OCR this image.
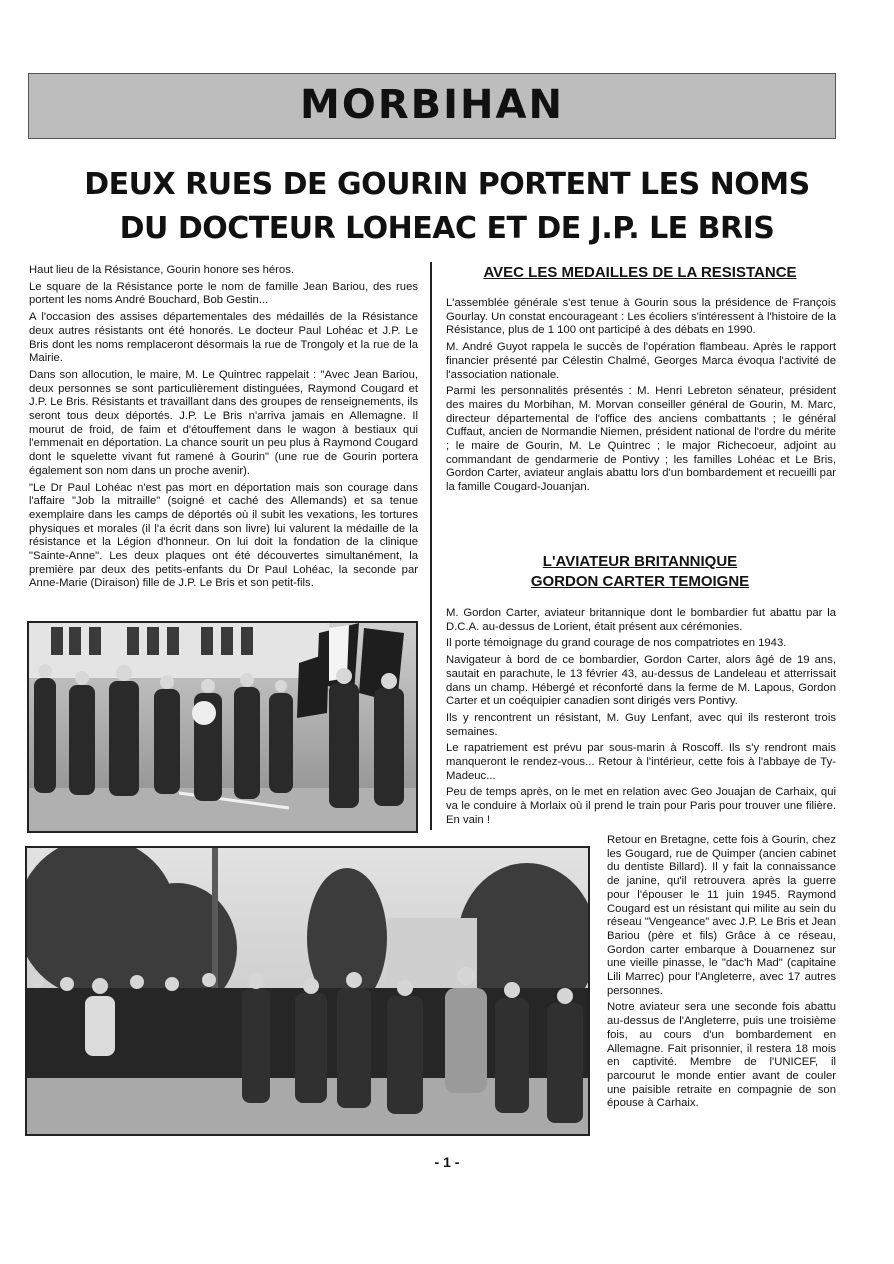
MORBIHAN
DEUX RUES DE GOURIN PORTENT LES NOMS
DU DOCTEUR LOHEAC ET DE J.P. LE BRIS

Haut lieu de la Résistance, Gourin honore ses héros.

Le square de la Résistance porte le nom de famille Jean Bariou, des rues portent les noms André Bouchard, Bob Gestin...

A l'occasion des assises départementales des médaillés de la Résistance deux autres résistants ont été honorés. Le docteur Paul Lohéac et J.P. Le Bris dont les noms remplaceront désormais la rue de Trongoly et la rue de la Mairie.

Dans son allocution, le maire, M. Le Quintrec rappelait : "Avec Jean Bariou, deux personnes se sont particulièrement distinguées, Raymond Cougard et J.P. Le Bris. Résistants et travaillant dans des groupes de renseignements, ils seront tous deux déportés. J.P. Le Bris n'arriva jamais en Allemagne. Il mourut de froid, de faim et d'étouffement dans le wagon à bestiaux qui l'emmenait en déportation. La chance sourit un peu plus à Raymond Cougard dont le squelette vivant fut ramené à Gourin" (une rue de Gourin portera également son nom dans un proche avenir).

"Le Dr Paul Lohéac n'est pas mort en déportation mais son courage dans l'affaire "Job la mitraille" (soigné et caché des Allemands) et sa tenue exemplaire dans les camps de déportés où il subit les vexations, les tortures physiques et morales (il l'a écrit dans son livre) lui valurent la médaille de la résistance et la Légion d'honneur. On lui doit la fondation de la clinique "Sainte-Anne". Les deux plaques ont été découvertes simultanément, la première par deux des petits-enfants du Dr Paul Lohéac, la seconde par Anne-Marie (Diraison) fille de J.P. Le Bris et son petit-fils.

AVEC LES MEDAILLES DE LA RESISTANCE

L'assemblée générale s'est tenue à Gourin sous la présidence de François Gourlay. Un constat encourageant : Les écoliers s'intéressent à l'histoire de la Résistance, plus de 1 100 ont participé à des débats en 1990.

M. André Guyot rappela le succès de l'opération flambeau. Après le rapport financier présenté par Célestin Chalmé, Georges Marca évoqua l'activité de l'association nationale.

Parmi les personnalités présentés : M. Henri Lebreton sénateur, président des maires du Morbihan, M. Morvan conseiller général de Gourin, M. Marc, directeur départemental de l'office des anciens combattants ; le général Cuffaut, ancien de Normandie Niemen, président national de l'ordre du mérite ; le maire de Gourin, M. Le Quintrec ; le major Richecoeur, adjoint au commandant de gendarmerie de Pontivy ; les familles Lohéac et Le Bris, Gordon Carter, aviateur anglais abattu lors d'un bombardement et recueilli par la famille Cougard-Jouanjan.

L'AVIATEUR BRITANNIQUE
GORDON CARTER TEMOIGNE

M. Gordon Carter, aviateur britannique dont le bombardier fut abattu par la D.C.A. au-dessus de Lorient, était présent aux cérémonies.

Il porte témoignage du grand courage de nos compatriotes en 1943.

Navigateur à bord de ce bombardier, Gordon Carter, alors âgé de 19 ans, sautait en parachute, le 13 février 43, au-dessus de Landeleau et atterrissait dans un champ. Hébergé et réconforté dans la ferme de M. Lapous, Gordon Carter et un coéquipier canadien sont dirigés vers Pontivy.

Ils y rencontrent un résistant, M. Guy Lenfant, avec qui ils resteront trois semaines.

Le rapatriement est prévu par sous-marin à Roscoff. Ils s'y rendront mais manqueront le rendez-vous... Retour à l'intérieur, cette fois à l'abbaye de Ty-Madeuc...

Peu de temps après, on le met en relation avec Geo Jouajan de Carhaix, qui va le conduire à Morlaix où il prend le train pour Paris pour trouver une filière. En vain !

Retour en Bretagne, cette fois à Gourin, chez les Gougard, rue de Quimper (ancien cabinet du dentiste Billard). Il y fait la connaissance de janine, qu'il retrouvera après la guerre pour l'épouser le 11 juin 1945. Raymond Cougard est un résistant qui milite au sein du réseau "Vengeance" avec J.P. Le Bris et Jean Bariou (père et fils) Grâce à ce réseau, Gordon carter embarque à Douarnenez sur une vieille pinasse, le "dac'h Mad" (capitaine Lili Marrec) pour l'Angleterre, avec 17 autres personnes.

Notre aviateur sera une seconde fois abattu au-dessus de l'Angleterre, puis une troisième fois, au cours d'un bombardement en Allemagne. Fait prisonnier, il restera 18 mois en captivité. Membre de l'UNICEF, il parcourut le monde entier avant de couler une paisible retraite en compagnie de son épouse à Carhaix.

- 1 -
